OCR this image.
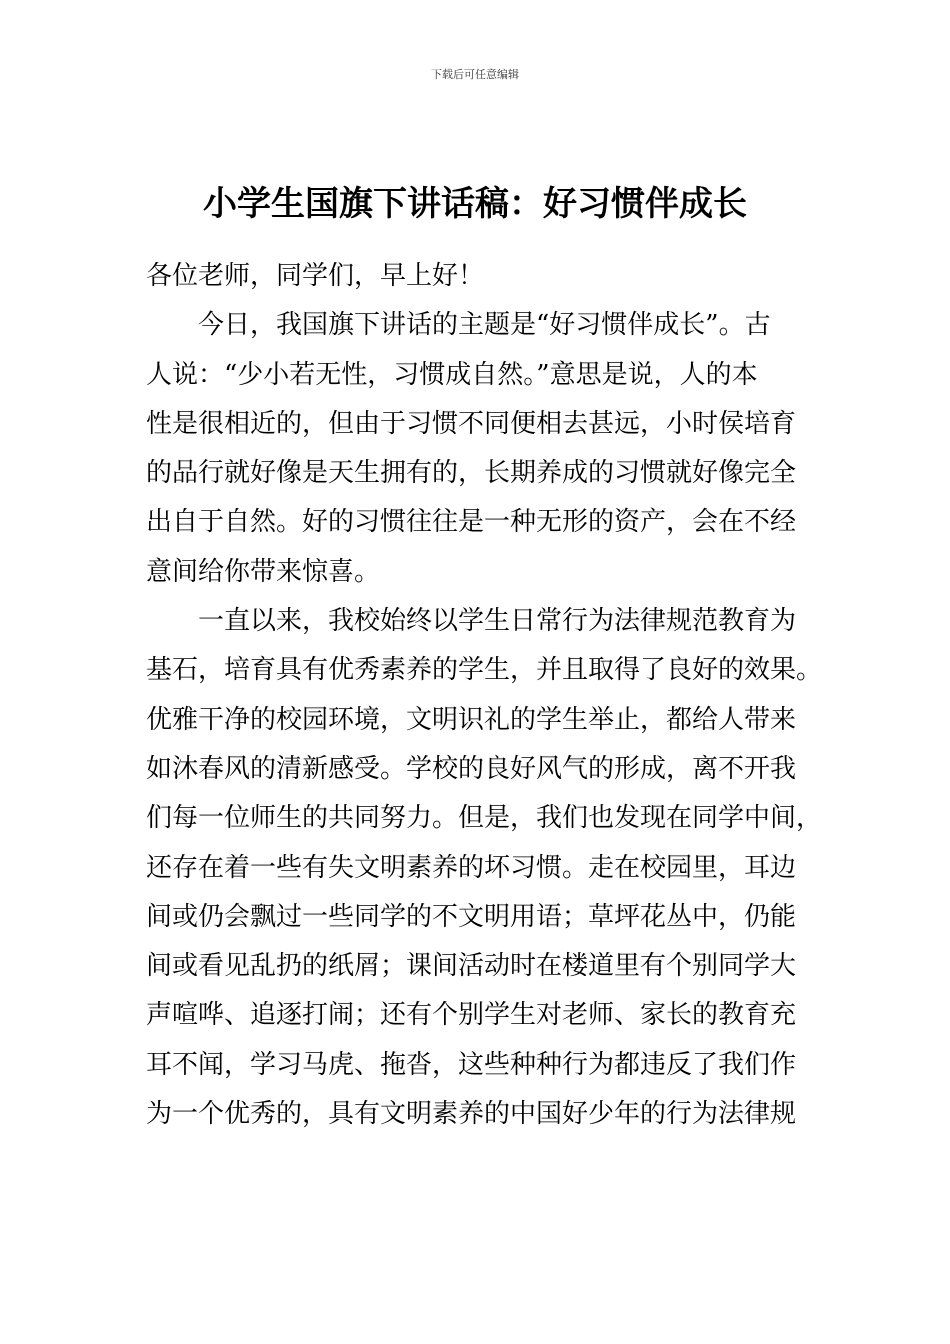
下载后可任意编辑
小学生国旗下讲话稿：好习惯伴成长
各位老师，同学们，早上好！
今日，我国旗下讲话的主题是“好习惯伴成长”。古
人说：“少小若无性，习惯成自然。”意思是说，人的本
性是很相近的，但由于习惯不同便相去甚远，小时侯培育
的品行就好像是天生拥有的，长期养成的习惯就好像完全
出自于自然。好的习惯往往是一种无形的资产，会在不经
意间给你带来惊喜。
一直以来，我校始终以学生日常行为法律规范教育为
基石，培育具有优秀素养的学生，并且取得了良好的效果。
优雅干净的校园环境，文明识礼的学生举止，都给人带来
如沐春风的清新感受。学校的良好风气的形成，离不开我
们每一位师生的共同努力。但是，我们也发现在同学中间，
还存在着一些有失文明素养的坏习惯。走在校园里，耳边
间或仍会飘过一些同学的不文明用语；草坪花丛中，仍能
间或看见乱扔的纸屑；课间活动时在楼道里有个别同学大
声喧哗、追逐打闹；还有个别学生对老师、家长的教育充
耳不闻，学习马虎、拖沓，这些种种行为都违反了我们作
为一个优秀的，具有文明素养的中国好少年的行为法律规
